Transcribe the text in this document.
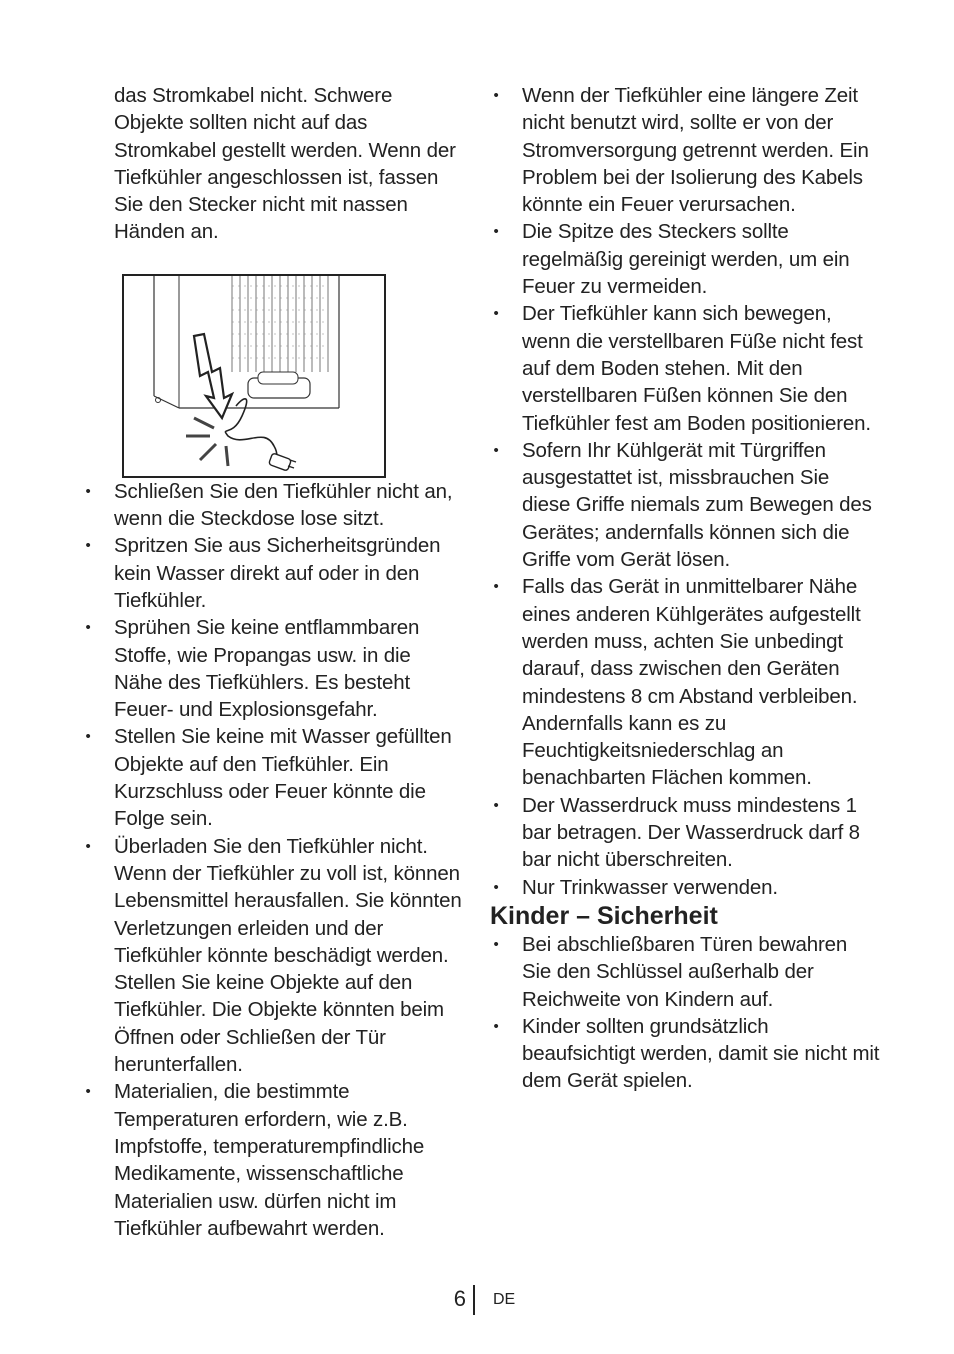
das Stromkabel nicht. Schwere Objekte sollten nicht auf das Stromkabel gestellt werden. Wenn der Tiefkühler angeschlossen ist, fassen Sie den Stecker nicht mit nassen Händen an.

• Schließen Sie den Tiefkühler nicht an, wenn die Steckdose lose sitzt.
• Spritzen Sie aus Sicherheitsgründen kein Wasser direkt auf oder in den Tiefkühler.
• Sprühen Sie keine entflammbaren Stoffe, wie Propangas usw. in die Nähe des Tiefkühlers. Es besteht Feuer- und Explosionsgefahr.
• Stellen Sie keine mit Wasser gefüllten Objekte auf den Tiefkühler. Ein Kurzschluss oder Feuer könnte die Folge sein.
• Überladen Sie den Tiefkühler nicht. Wenn der Tiefkühler zu voll ist, können Lebensmittel herausfallen. Sie könnten Verletzungen erleiden und der Tiefkühler könnte beschädigt werden. Stellen Sie keine Objekte auf den Tiefkühler. Die Objekte könnten beim Öffnen oder Schließen der Tür herunterfallen.
• Materialien, die bestimmte Temperaturen erfordern, wie z.B. Impfstoffe, temperaturempfindliche Medikamente, wissenschaftliche Materialien usw. dürfen nicht im Tiefkühler aufbewahrt werden.
• Wenn der Tiefkühler eine längere Zeit nicht benutzt wird, sollte er von der Stromversorgung getrennt werden. Ein Problem bei der Isolierung des Kabels könnte ein Feuer verursachen.
• Die Spitze des Steckers sollte regelmäßig gereinigt werden, um ein Feuer zu vermeiden.
• Der Tiefkühler kann sich bewegen, wenn die verstellbaren Füße nicht fest auf dem Boden stehen. Mit den verstellbaren Füßen können Sie den Tiefkühler fest am Boden positionieren.
• Sofern Ihr Kühlgerät mit Türgriffen ausgestattet ist, missbrauchen Sie diese Griffe niemals zum Bewegen des Gerätes; andernfalls können sich die Griffe vom Gerät lösen.
• Falls das Gerät in unmittelbarer Nähe eines anderen Kühlgerätes aufgestellt werden muss, achten Sie unbedingt darauf, dass zwischen den Geräten mindestens 8 cm Abstand verbleiben. Andernfalls kann es zu Feuchtigkeitsniederschlag an benachbarten Flächen kommen.
• Der Wasserdruck muss mindestens 1 bar betragen. Der Wasserdruck darf 8 bar nicht überschreiten.
• Nur Trinkwasser verwenden.
Kinder – Sicherheit
• Bei abschließbaren Türen bewahren Sie den Schlüssel außerhalb der Reichweite von Kindern auf.
• Kinder sollten grundsätzlich beaufsichtigt werden, damit sie nicht mit dem Gerät spielen.
6 DE
